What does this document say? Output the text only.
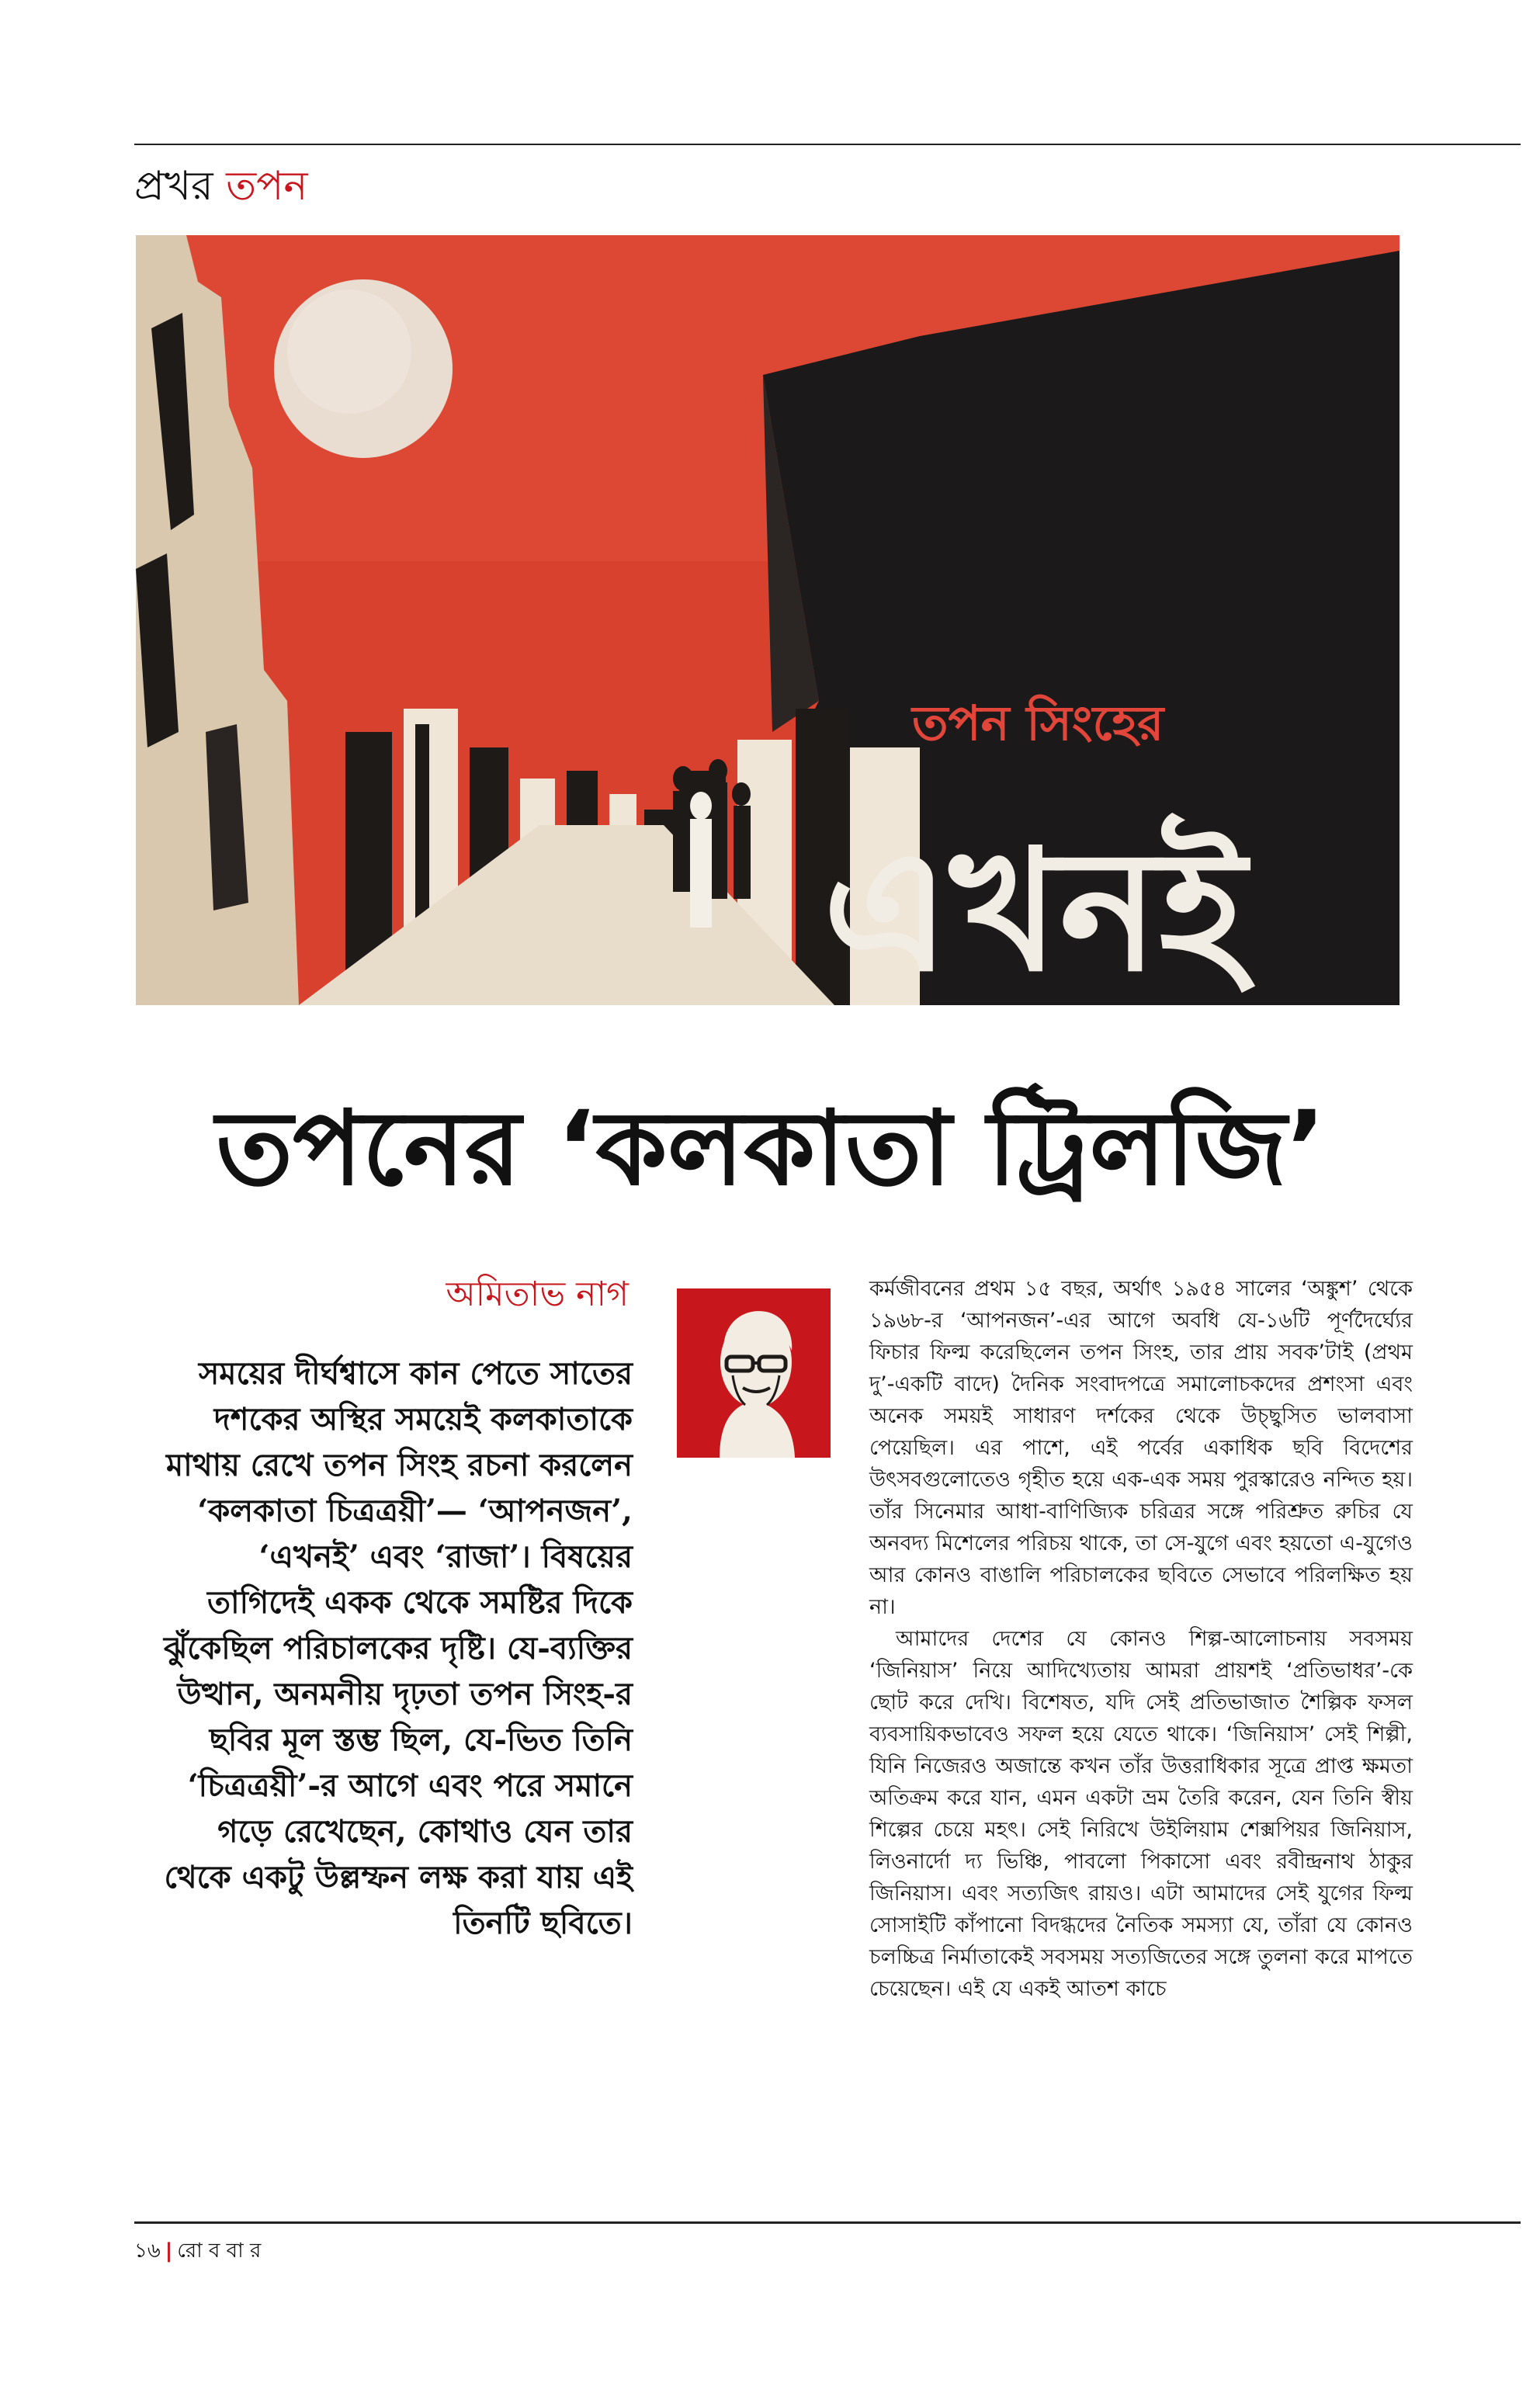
প্রখর তপন
তপন সিংহের
এখনই
তপনের ‘কলকাতা ট্রিলজি’
অমিতাভ নাগ
সময়ের দীর্ঘশ্বাসে কান পেতে সাতের দশকের অস্থির সময়েই কলকাতাকে মাথায় রেখে তপন সিংহ রচনা করলেন ‘কলকাতা চিত্রত্রয়ী’— ‘আপনজন’, ‘এখনই’ এবং ‘রাজা’। বিষয়ের তাগিদেই একক থেকে সমষ্টির দিকে ঝুঁকেছিল পরিচালকের দৃষ্টি। যে-ব্যক্তির উত্থান, অনমনীয় দৃঢ়তা তপন সিংহ-র ছবির মূল স্তম্ভ ছিল, যে-ভিত তিনি ‘চিত্রত্রয়ী’-র আগে এবং পরে সমানে গড়ে রেখেছেন, কোথাও যেন তার থেকে একটু উল্লম্ফন লক্ষ করা যায় এই তিনটি ছবিতে।

কর্মজীবনের প্রথম ১৫ বছর, অর্থাৎ ১৯৫৪ সালের ‘অঙ্কুশ’ থেকে ১৯৬৮-র ‘আপনজন’-এর আগে অবধি যে-১৬টি পূর্ণদৈর্ঘ্যের ফিচার ফিল্ম করেছিলেন তপন সিংহ, তার প্রায় সবক’টাই (প্রথম দু’-একটি বাদে) দৈনিক সংবাদপত্রে সমালোচকদের প্রশংসা এবং অনেক সময়ই সাধারণ দর্শকের থেকে উচ্ছ্বসিত ভালবাসা পেয়েছিল। এর পাশে, এই পর্বের একাধিক ছবি বিদেশের উৎসবগুলোতেও গৃহীত হয়ে এক-এক সময় পুরস্কারেও নন্দিত হয়। তাঁর সিনেমার আধা-বাণিজ্যিক চরিত্রর সঙ্গে পরিশ্রুত রুচির যে অনবদ্য মিশেলের পরিচয় থাকে, তা সে-যুগে এবং হয়তো এ-যুগেও আর কোনও বাঙালি পরিচালকের ছবিতে সেভাবে পরিলক্ষিত হয় না।

আমাদের দেশের যে কোনও শিল্প-আলোচনায় সবসময় ‘জিনিয়াস’ নিয়ে আদিখ্যেতায় আমরা প্রায়শই ‘প্রতিভাধর’-কে ছোট করে দেখি। বিশেষত, যদি সেই প্রতিভাজাত শৈল্পিক ফসল ব্যবসায়িকভাবেও সফল হয়ে যেতে থাকে। ‘জিনিয়াস’ সেই শিল্পী, যিনি নিজেরও অজান্তে কখন তাঁর উত্তরাধিকার সূত্রে প্রাপ্ত ক্ষমতা অতিক্রম করে যান, এমন একটা ভ্রম তৈরি করেন, যেন তিনি স্বীয় শিল্পের চেয়ে মহৎ। সেই নিরিখে উইলিয়াম শেক্সপিয়র জিনিয়াস, লিওনার্দো দ্য ভিঞ্চি, পাবলো পিকাসো এবং রবীন্দ্রনাথ ঠাকুর জিনিয়াস। এবং সত্যজিৎ রায়ও। এটা আমাদের সেই যুগের ফিল্ম সোসাইটি কাঁপানো বিদগ্ধদের নৈতিক সমস্যা যে, তাঁরা যে কোনও চলচ্চিত্র নির্মাতাকেই সবসময় সত্যজিতের সঙ্গে তুলনা করে মাপতে চেয়েছেন। এই যে একই আতশ কাচে

১৬ | রো ব বা র
